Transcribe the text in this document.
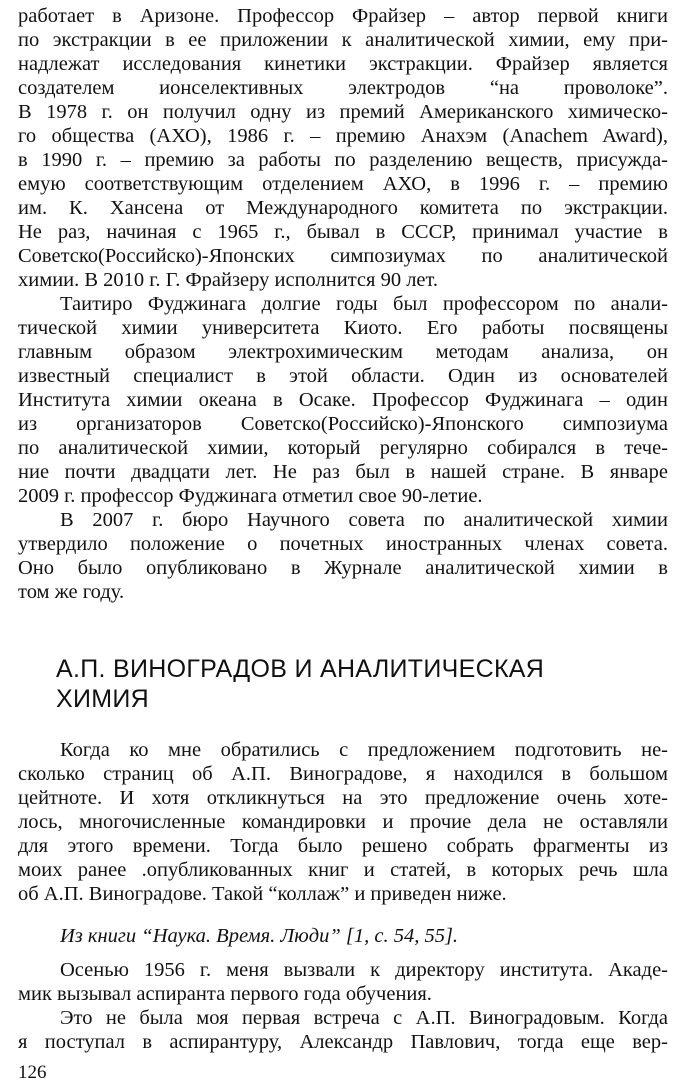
работает в Аризоне. Профессор Фрайзер – автор первой книги
по экстракции в ее приложении к аналитической химии, ему при-
надлежат исследования кинетики экстракции. Фрайзер является
создателем ионселективных электродов “на проволоке”.
В 1978 г. он получил одну из премий Американского химическо-
го общества (АХО), 1986 г. – премию Анахэм (Anachem Award),
в 1990 г. – премию за работы по разделению веществ, присужда-
емую соответствующим отделением АХО, в 1996 г. – премию
им. К. Хансена от Международного комитета по экстракции.
Не раз, начиная с 1965 г., бывал в СССР, принимал участие в
Советско(Российско)-Японских симпозиумах по аналитической
химии. В 2010 г. Г. Фрайзеру исполнится 90 лет.
Таитиро Фуджинага долгие годы был профессором по анали-
тической химии университета Киото. Его работы посвящены
главным образом электрохимическим методам анализа, он
известный специалист в этой области. Один из основателей
Института химии океана в Осаке. Профессор Фуджинага – один
из организаторов Советско(Российско)-Японского симпозиума
по аналитической химии, который регулярно собирался в тече-
ние почти двадцати лет. Не раз был в нашей стране. В январе
2009 г. профессор Фуджинага отметил свое 90-летие.
В 2007 г. бюро Научного совета по аналитической химии
утвердило положение о почетных иностранных членах совета.
Оно было опубликовано в Журнале аналитической химии в
том же году.
А.П. ВИНОГРАДОВ И АНАЛИТИЧЕСКАЯ
ХИМИЯ
Когда ко мне обратились с предложением подготовить не-
сколько страниц об А.П. Виноградове, я находился в большом
цейтноте. И хотя откликнуться на это предложение очень хоте-
лось, многочисленные командировки и прочие дела не оставляли
для этого времени. Тогда было решено собрать фрагменты из
моих ранее .опубликованных книг и статей, в которых речь шла
об А.П. Виноградове. Такой “коллаж” и приведен ниже.
Из книги “Наука. Время. Люди” [1, с. 54, 55].
Осенью 1956 г. меня вызвали к директору института. Акаде-
мик вызывал аспиранта первого года обучения.
Это не была моя первая встреча с А.П. Виноградовым. Когда
я поступал в аспирантуру, Александр Павлович, тогда еще вер-
126
